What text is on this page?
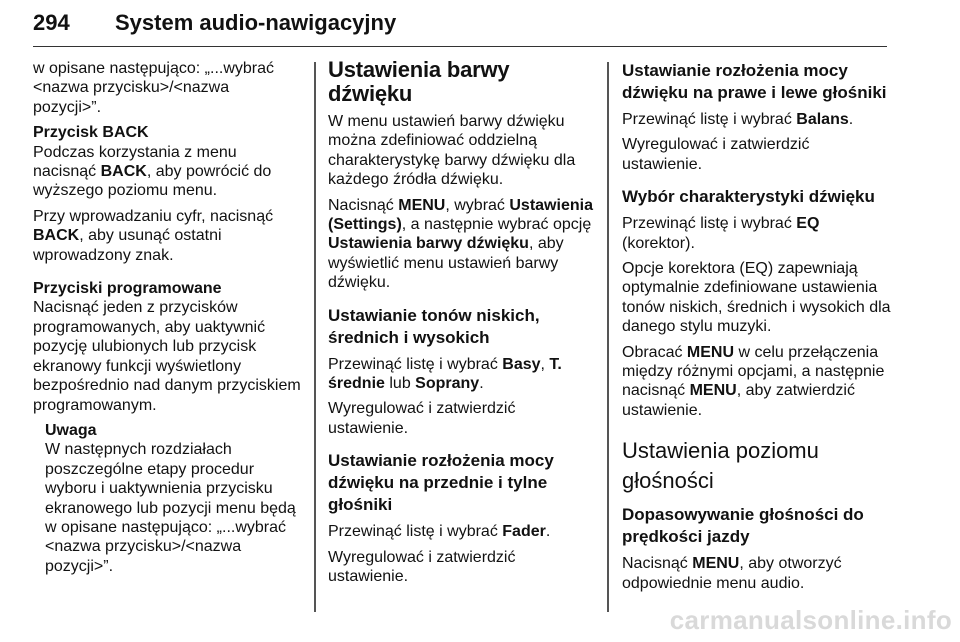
294 System audio-nawigacyjny

w opisane następująco: „...wybrać <nazwa przycisku>/<nazwa pozycji>”.

Przycisk BACK

Podczas korzystania z menu nacisnąć BACK, aby powrócić do wyższego poziomu menu.

Przy wprowadzaniu cyfr, nacisnąć BACK, aby usunąć ostatni wprowadzony znak.

Przyciski programowane

Nacisnąć jeden z przycisków programowanych, aby uaktywnić pozycję ulubionych lub przycisk ekranowy funkcji wyświetlony bezpośrednio nad danym przyciskiem programowanym.

Uwaga

W następnych rozdziałach poszczególne etapy procedur wyboru i uaktywnienia przycisku ekranowego lub pozycji menu będą w opisane następująco: „...wybrać <nazwa przycisku>/<nazwa pozycji>”.

Ustawienia barwy dźwięku

W menu ustawień barwy dźwięku można zdefiniować oddzielną charakterystykę barwy dźwięku dla każdego źródła dźwięku.

Nacisnąć MENU, wybrać Ustawienia (Settings), a następnie wybrać opcję Ustawienia barwy dźwięku, aby wyświetlić menu ustawień barwy dźwięku.

Ustawianie tonów niskich, średnich i wysokich

Przewinąć listę i wybrać Basy, T. średnie lub Soprany.

Wyregulować i zatwierdzić ustawienie.

Ustawianie rozłożenia mocy dźwięku na przednie i tylne głośniki

Przewinąć listę i wybrać Fader.

Wyregulować i zatwierdzić ustawienie.

Ustawianie rozłożenia mocy dźwięku na prawe i lewe głośniki

Przewinąć listę i wybrać Balans.

Wyregulować i zatwierdzić ustawienie.

Wybór charakterystyki dźwięku

Przewinąć listę i wybrać EQ (korektor).

Opcje korektora (EQ) zapewniają optymalnie zdefiniowane ustawienia tonów niskich, średnich i wysokich dla danego stylu muzyki.

Obracać MENU w celu przełączenia między różnymi opcjami, a następnie nacisnąć MENU, aby zatwierdzić ustawienie.

Ustawienia poziomu głośności
Dopasowywanie głośności do prędkości jazdy

Nacisnąć MENU, aby otworzyć odpowiednie menu audio.

carmanualsonline.info
